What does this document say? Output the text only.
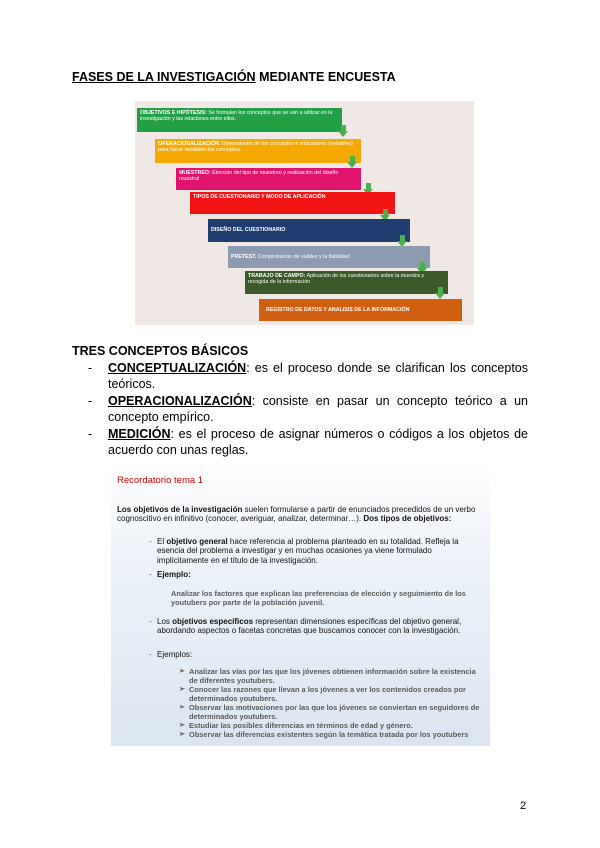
FASES DE LA INVESTIGACIÓN MEDIANTE ENCUESTA
OBJETIVOS E HIPÓTESIS: Se formulan los conceptos que se van a utilizar en la investigación y las relaciones entre ellos.
OPERACIONALIZACIÓN. Dimensiones de los conceptos e indicadores (variables) para hacer medibles los conceptos.
MUESTREO: Elección del tipo de muestreo y realización del diseño muestral
TIPOS DE CUESTIONARIO Y MODO DE APLICACIÓN
DISEÑO DEL CUESTIONARIO
PRETEST. Comprobación de validez y la fiabilidad
TRABAJO DE CAMPO: Aplicación de los cuestionarios sobre la muestra y recogida de la información
REGISTRO DE DATOS Y ANALISIS DE LA INFORMACIÓN
TRES CONCEPTOS BÁSICOS
- CONCEPTUALIZACIÓN: es el proceso donde se clarifican los conceptos teóricos.
- OPERACIONALIZACIÓN: consiste en pasar un concepto teórico a un concepto empírico.
- MEDICIÓN: es el proceso de asignar números o códigos a los objetos de acuerdo con unas reglas.
Recordatorio tema 1
Los objetivos de la investigación suelen formularse a partir de enunciados precedidos de un verbo cognoscitivo en infinitivo (conocer, averiguar, analizar, determinar…). Dos tipos de objetivos:
- El objetivo general hace referencia al problema planteado en su totalidad. Refleja la esencia del problema a investigar y en muchas ocasiones ya viene formulado implícitamente en el título de la investigación.
- Ejemplo:
Analizar los factores que explican las preferencias de elección y seguimiento de los youtubers por parte de la población juvenil.
- Los objetivos específicos representan dimensiones específicas del objetivo general, abordando aspectos o facetas concretas que buscamos conocer con la investigación.
- Ejemplos:
➢ Analizar las vías por las que los jóvenes obtienen información sobre la existencia de diferentes youtubers.
➢ Conocer las razones que llevan a los jóvenes a ver los contenidos creados por determinados youtubers.
➢ Observar las motivaciones por las que los jóvenes se conviertan en seguidores de determinados youtubers.
➢ Estudiar las posibles diferencias en términos de edad y género.
➢ Observar las diferencias existentes según la temática tratada por los youtubers
2
